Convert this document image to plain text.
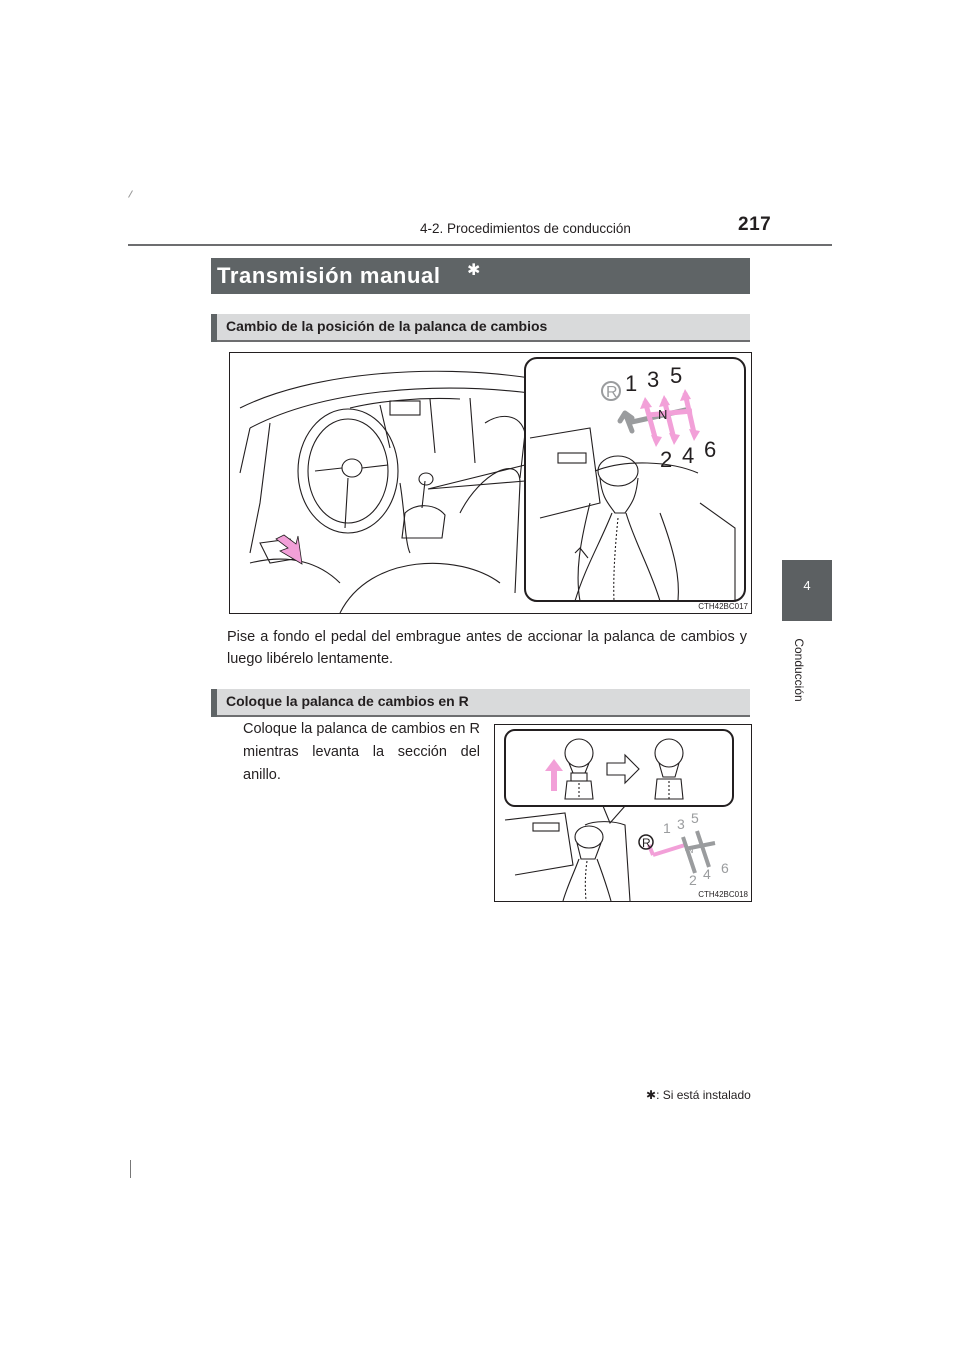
4-2. Procedimientos de conducción	217
4
Conducción
Transmisión manual ✱
Cambio de la posición de la palanca de cambios
R 1 3 5
N
2 4 6
CTH42BC017
Pise a fondo el pedal del embrague antes de accionar la palanca de cambios y luego libérelo lentamente.
Coloque la palanca de cambios en R
Coloque la palanca de cambios en R mientras levanta la sección del anillo.
R
1 3 5
N
2 4 6
CTH42BC018
✱: Si está instalado
